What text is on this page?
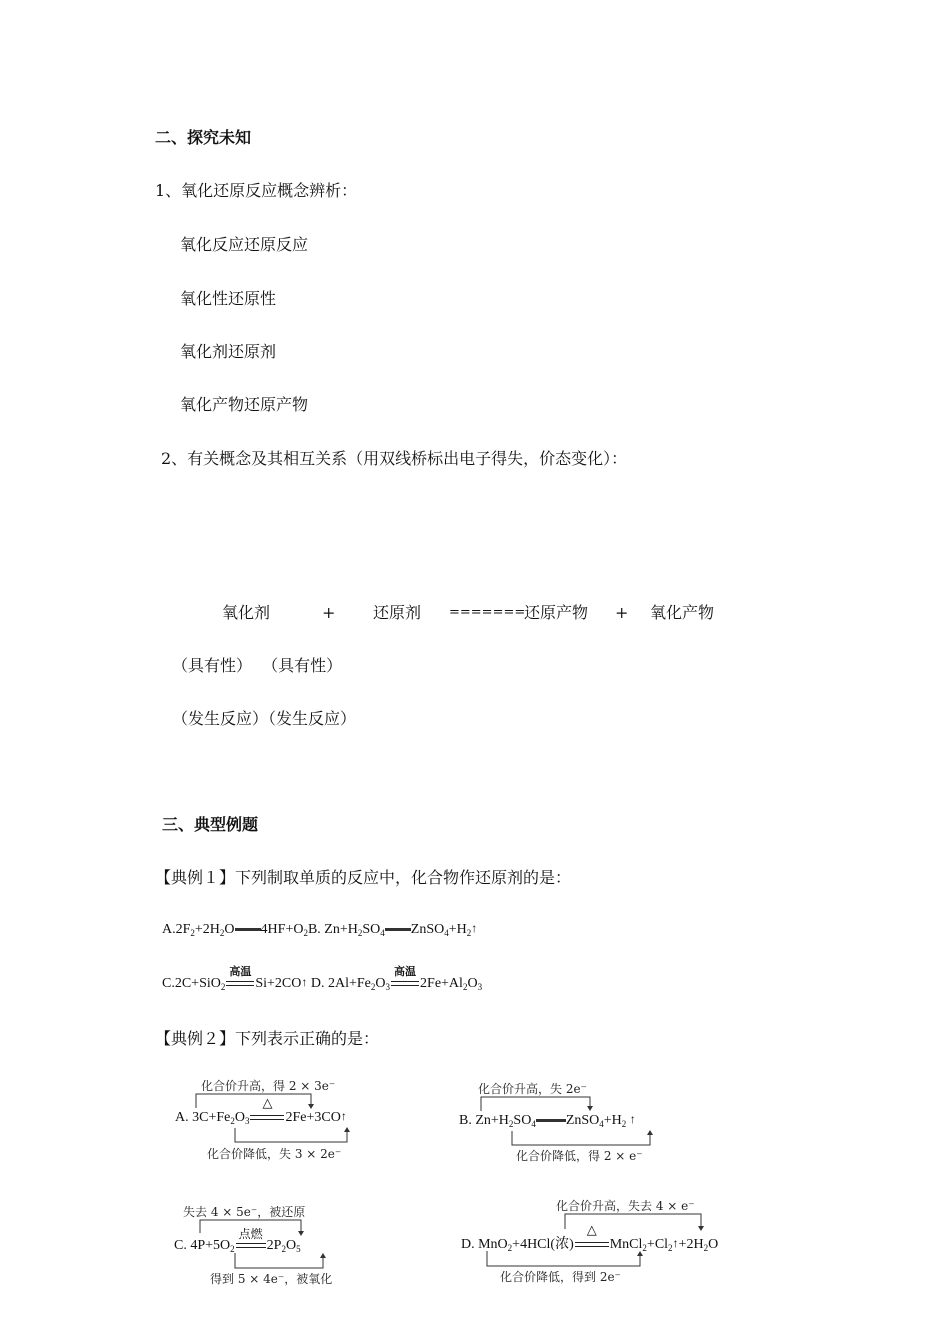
二、探究未知
1、氧化还原反应概念辨析：
氧化反应还原反应
氧化性还原性
氧化剂还原剂
氧化产物还原产物
2、有关概念及其相互关系（用双线桥标出电子得失，价态变化）：
氧化剂	+ 还原剂 =======
还原产物 + 氧化产物
（具有性）  （具有性）
（发生反应）（发生反应）
三、典型例题
【典例１】下列制取单质的反应中，化合物作还原剂的是：
$A.2F_2+2H_2O$ $4HF+O_2B$. $Zn+H_2SO_4$ $ZnSO_4+H_2↑$
C.2C+SiO$_2$
高温
Si+2CO↑ D. $2Al+Fe_2O_3$
高温
$2Fe+Al_2O_3$
【典例２】下列表示正确的是：
化合价升高，得 2 × 3e⁻
A. $3C+Fe_2O_3$
△
2Fe+3CO↑
化合价降低，失 3 × 2e⁻
化合价升高，失 2e⁻
B. $Zn+H_2SO_4$ $ZnSO_4+H_2$ ↑
化合价降低，得 2 × e⁻
失去 4 × 5e⁻，被还原
C. $4P+5O_2$
点燃
$2P_2O_5$
得到 5 × 4e⁻，被氧化
化合价升高，失去 4 × e⁻
D. MnO$_2$+4HCl(浓)
△
$MnCl_2+Cl_2↑+2H_2O$
化合价降低，得到 2e⁻
